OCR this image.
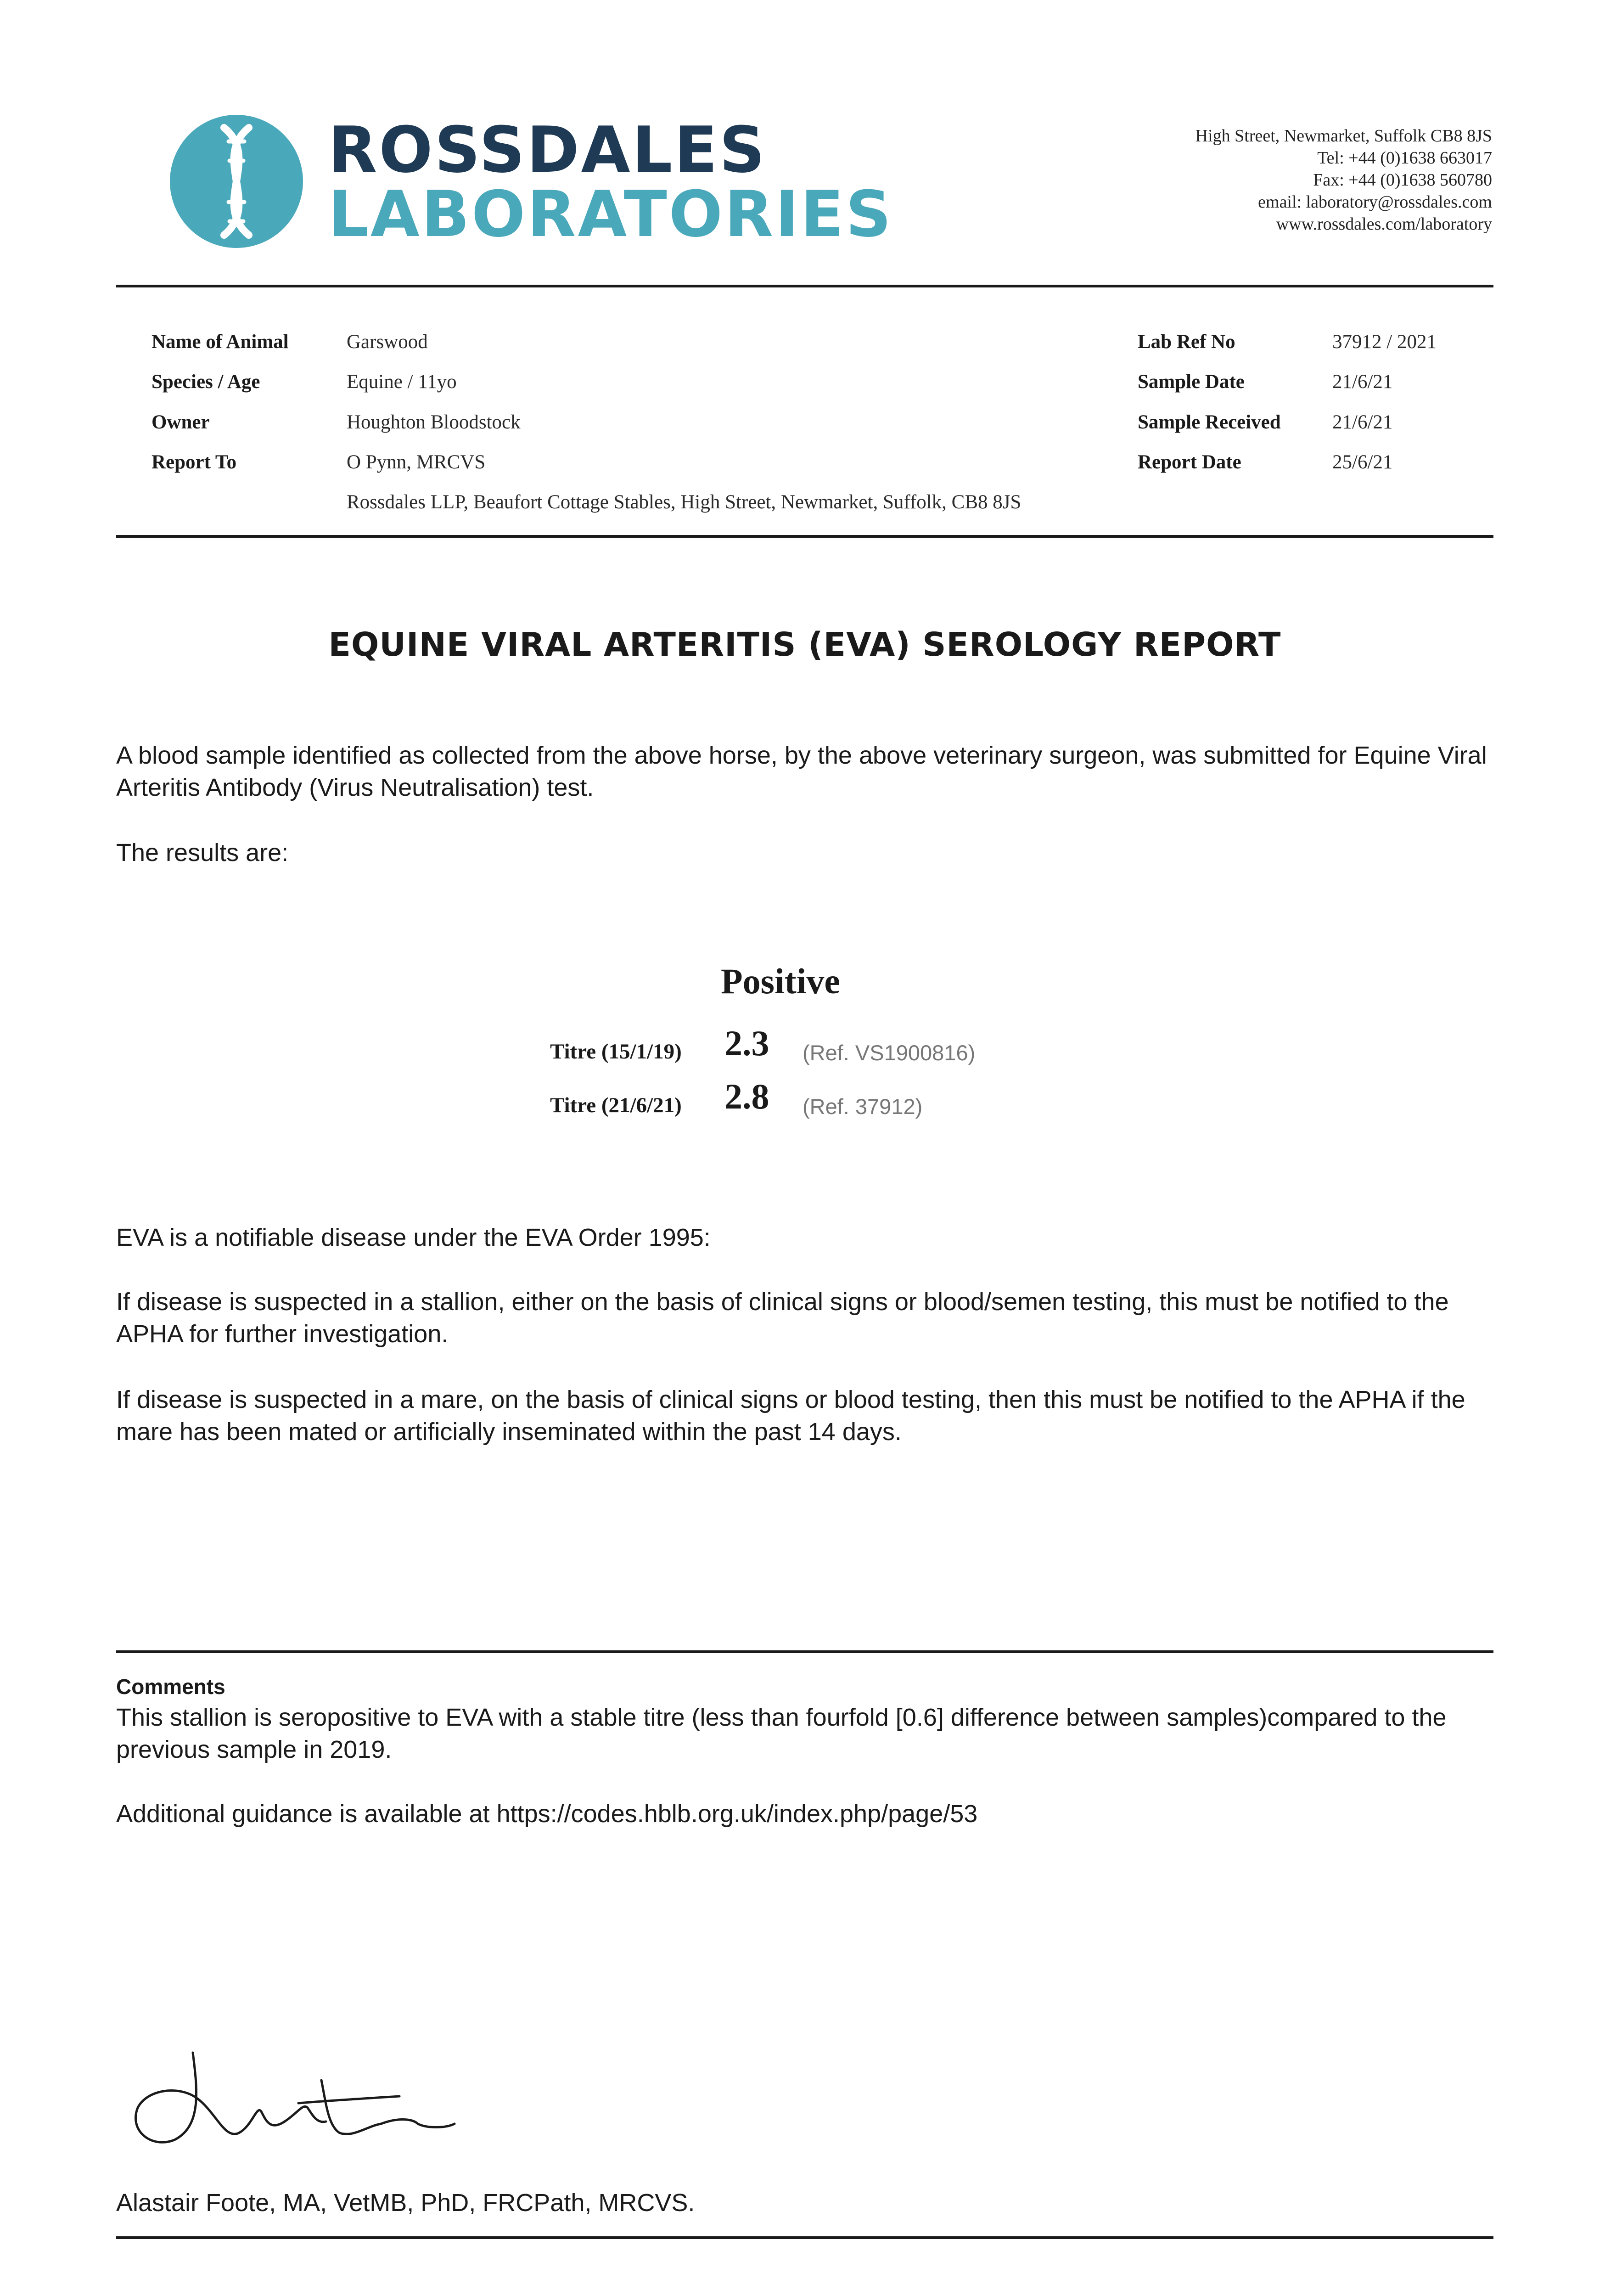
ROSSDALES
LABORATORIES
High Street, Newmarket, Suffolk CB8 8JS
Tel: +44 (0)1638 663017
Fax: +44 (0)1638 560780
email: laboratory@rossdales.com
www.rossdales.com/laboratory
Name of Animal	Garswood
Species / Age	Equine / 11yo
Owner	Houghton Bloodstock
Report To	O Pynn, MRCVS
Rossdales LLP, Beaufort Cottage Stables, High Street, Newmarket, Suffolk, CB8 8JS
Lab Ref No	37912 / 2021
Sample Date	21/6/21
Sample Received	21/6/21
Report Date	25/6/21
EQUINE VIRAL ARTERITIS (EVA) SEROLOGY REPORT

A blood sample identified as collected from the above horse, by the above veterinary surgeon, was submitted for Equine Viral Arteritis Antibody (Virus Neutralisation) test.

The results are:

Positive
Titre (15/1/19) 2.3 (Ref. VS1900816)
Titre (21/6/21) 2.8 (Ref. 37912)

EVA is a notifiable disease under the EVA Order 1995:

If disease is suspected in a stallion, either on the basis of clinical signs or blood/semen testing, this must be notified to the APHA for further investigation.

If disease is suspected in a mare, on the basis of clinical signs or blood testing, then this must be notified to the APHA if the mare has been mated or artificially inseminated within the past 14 days.

Comments

This stallion is seropositive to EVA with a stable titre (less than fourfold [0.6] difference between samples)compared to the previous sample in 2019.

Additional guidance is available at https://codes.hblb.org.uk/index.php/page/53

Alastair Foote, MA, VetMB, PhD, FRCPath, MRCVS.
